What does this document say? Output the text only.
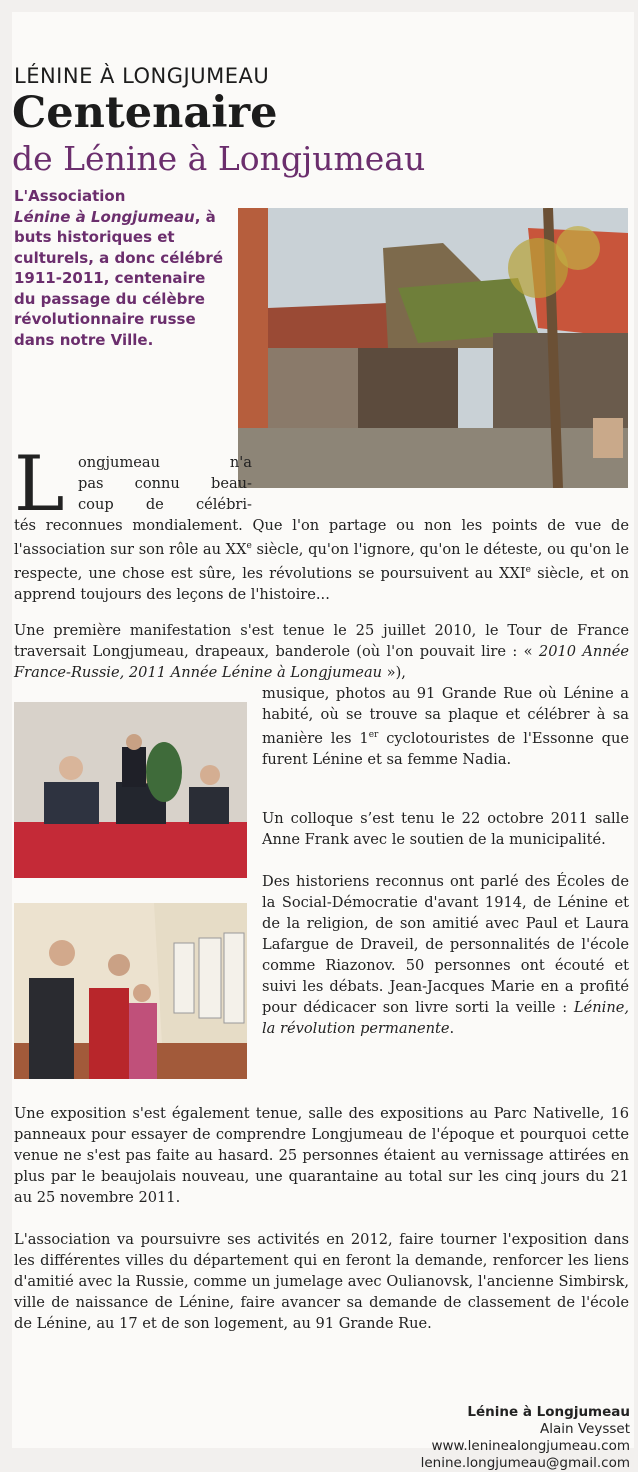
LÉNINE À LONGJUMEAU
Centenaire
de Lénine à Longjumeau
L'Association
Lénine à Longjumeau, à buts historiques et culturels, a donc célébré 1911-2011, centenaire du passage du célèbre révolutionnaire russe dans notre Ville.
L ongjumeau n'a
pas connu beau-
coup de célébri-
tés reconnues mondialement. Que l'on partage ou non les points de vue de l'association sur son rôle au XXe siècle, qu'on l'ignore, qu'on le déteste, ou qu'on le respecte, une chose est sûre, les révolutions se poursuivent au XXIe siècle, et on apprend toujours des leçons de l'histoire...
Une première manifestation s'est tenue le 25 juillet 2010, le Tour de France traversait Longjumeau, drapeaux, banderole (où l'on pouvait lire : « 2010 Année France-Russie, 2011 Année Lénine à Longjumeau »),
musique, photos au 91 Grande Rue où Lénine a habité, où se trouve sa plaque et célébrer à sa manière les 1er cyclotouristes de l'Essonne que furent Lénine et sa femme Nadia.
Un colloque s’est tenu le 22 octobre 2011 salle Anne Frank avec le soutien de la municipalité.
Des historiens reconnus ont parlé des Écoles de la Social-Démocratie d'avant 1914, de Lénine et de la religion, de son amitié avec Paul et Laura Lafargue de Draveil, de personnalités de l'école comme Riazonov. 50 personnes ont écouté et suivi les débats. Jean-Jacques Marie en a profité pour dédicacer son livre sorti la veille : Lénine, la révolution permanente.
Une exposition s'est également tenue, salle des expositions au Parc Nativelle, 16 panneaux pour essayer de comprendre Longjumeau de l'époque et pourquoi cette venue ne s'est pas faite au hasard. 25 personnes étaient au vernissage attirées en plus par le beaujolais nouveau, une quarantaine au total sur les cinq jours du 21 au 25 novembre 2011.
L'association va poursuivre ses activités en 2012, faire tourner l'exposition dans les différentes villes du département qui en feront la demande, renforcer les liens d'amitié avec la Russie, comme un jumelage avec Oulianovsk, l'ancienne Simbirsk, ville de naissance de Lénine, faire avancer sa demande de classement de l'école de Lénine, au 17 et de son logement, au 91 Grande Rue.
Lénine à Longjumeau
Alain Veysset
www.leninealongjumeau.com
lenine.longjumeau@gmail.com
